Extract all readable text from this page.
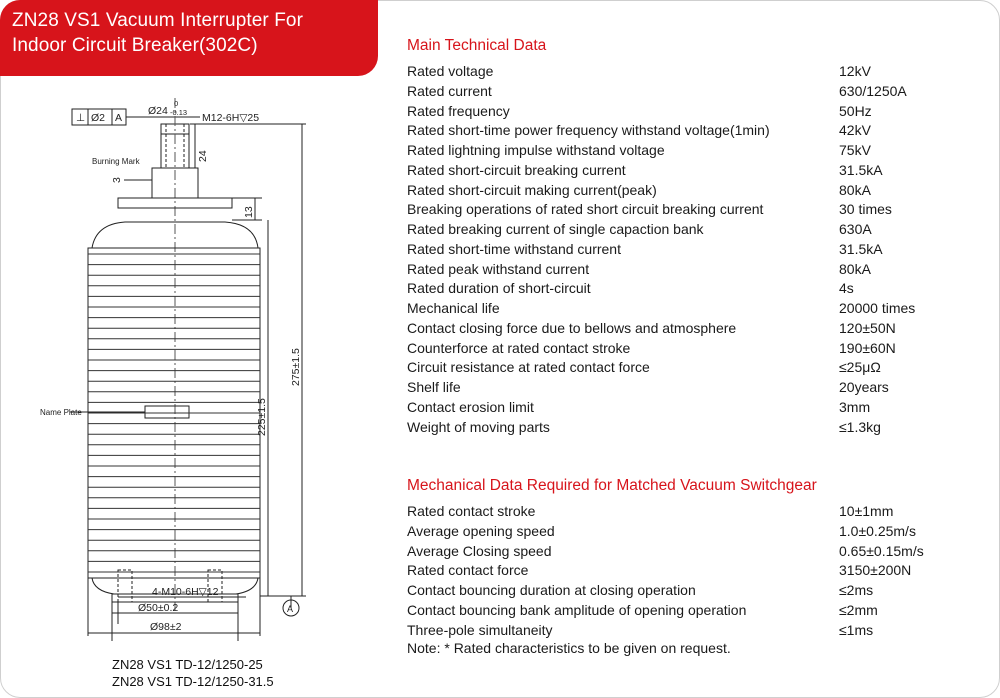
ZN28 VS1 Vacuum Interrupter For
Indoor Circuit Breaker(302C)
⊥ Ø2 A
Ø24
0
-0.13 M12-6H▽25
Burning Mark	24
3
13
275±1.5
225±1.5
Name Plate
4-M10-6H▽12
Ø50±0.2
Ø98±2
A
ZN28 VS1 TD-12/1250-25
ZN28 VS1 TD-12/1250-31.5
Main Technical Data
Rated voltage	12kV
Rated current	630/1250A
Rated frequency	50Hz
Rated short-time power frequency withstand voltage(1min)	42kV
Rated lightning impulse withstand voltage	75kV
Rated short-circuit breaking current	31.5kA
Rated short-circuit making current(peak)	80kA
Breaking operations of rated short circuit breaking current	30 times
Rated breaking current of single capaction bank	630A
Rated short-time withstand current	31.5kA
Rated peak withstand current	80kA
Rated duration of short-circuit	4s
Mechanical life	20000 times
Contact closing force due to bellows and atmosphere	120±50N
Counterforce at rated contact stroke	190±60N
Circuit resistance at rated contact force	≤25μΩ
Shelf life	20years
Contact erosion limit	3mm
Weight of moving parts	≤1.3kg
Mechanical Data Required for Matched Vacuum Switchgear
Rated contact stroke	10±1mm
Average opening speed	1.0±0.25m/s
Average Closing speed	0.65±0.15m/s
Rated contact force	3150±200N
Contact bouncing duration at closing operation	≤2ms
Contact bouncing bank amplitude of opening operation	≤2mm
Three-pole simultaneity	≤1ms
Note: * Rated characteristics to be given on request.
